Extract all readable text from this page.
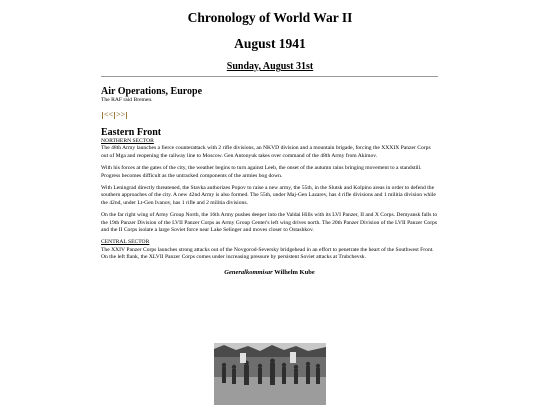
Chronology of World War II
August 1941
Sunday, August 31st
Air Operations, Europe

The RAF raid Bremen.

<< >>
Eastern Front
NORTHERN SECTOR

The 48th Army launches a fierce counterattack with 2 rifle divisions, an NKVD division and a mountain brigade, forcing the XXXIX Panzer Corps out of Mga and reopening the railway line to Moscow. Gen Antonyuk takes over command of the 48th Army from Akimov.

With his forces at the gates of the city, the weather begins to turn against Leeb, the onset of the autumn rains bringing movement to a standstill. Progress becomes difficult as the untracked components of the armies bog down.

With Leningrad directly threatened, the Stavka authorizes Popov to raise a new army, the 55th, in the Slutsk and Kolpino areas in order to defend the southern approaches of the city. A new 42nd Army is also formed. The 55th, under Maj-Gen Lazarev, has 4 rifle divisions and 1 militia division while the 42nd, under Lt-Gen Ivanov, has 1 rifle and 2 militia divisions.

On the far right wing of Army Group North, the 16th Army pushes deeper into the Valdai Hills with its LVI Panzer, II and X Corps. Demyansk falls to the 19th Panzer Division of the LVII Panzer Corps as Army Group Center's left wing drives north. The 20th Panzer Division of the LVII Panzer Corps and the II Corps isolate a large Soviet force near Lake Selinger and moves closer to Ostashkov.

CENTRAL SECTOR

The XXIV Panzer Corps launches strong attacks out of the Novgorod-Seversky bridgehead in an effort to penetrate the heart of the Southwest Front. On the left flank, the XLVII Panzer Corps comes under increasing pressure by persistent Soviet attacks at Trubchevsk.

Generalkommisar Wilhelm Kube
